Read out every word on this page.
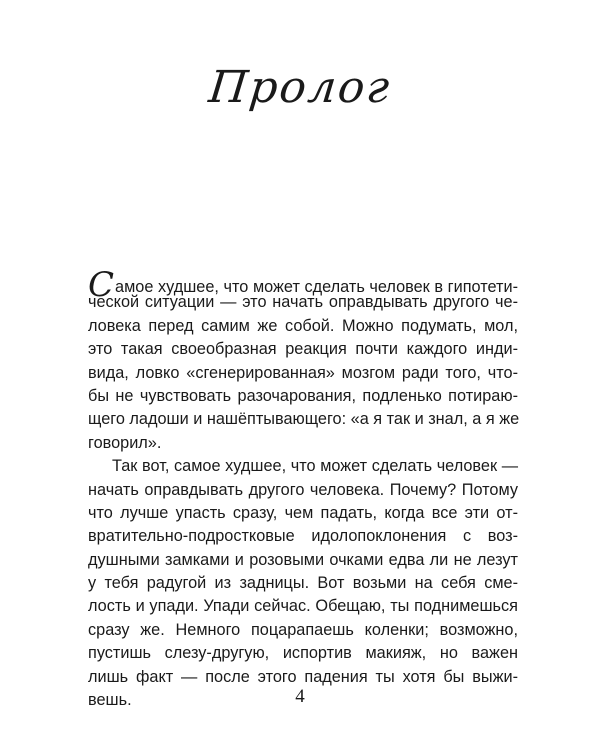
Пролог
Самое худшее, что может сделать человек в гипотети-
ческой ситуации — это начать оправдывать другого че-
ловека перед самим же собой. Можно подумать, мол,
это такая своеобразная реакция почти каждого инди-
вида, ловко «сгенерированная» мозгом ради того, что-
бы не чувствовать разочарования, подленько потираю-
щего ладоши и нашёптывающего: «а я так и знал, а я же
говорил».
Так вот, самое худшее, что может сделать человек —
начать оправдывать другого человека. Почему? Потому
что лучше упасть сразу, чем падать, когда все эти от-
вратительно-подростковые идолопоклонения с воз-
душными замками и розовыми очками едва ли не лезут
у тебя радугой из задницы. Вот возьми на себя сме-
лость и упади. Упади сейчас. Обещаю, ты поднимешься
сразу же. Немного поцарапаешь коленки; возможно,
пустишь слезу-другую, испортив макияж, но важен
лишь факт — после этого падения ты хотя бы выжи-
вешь.	4
